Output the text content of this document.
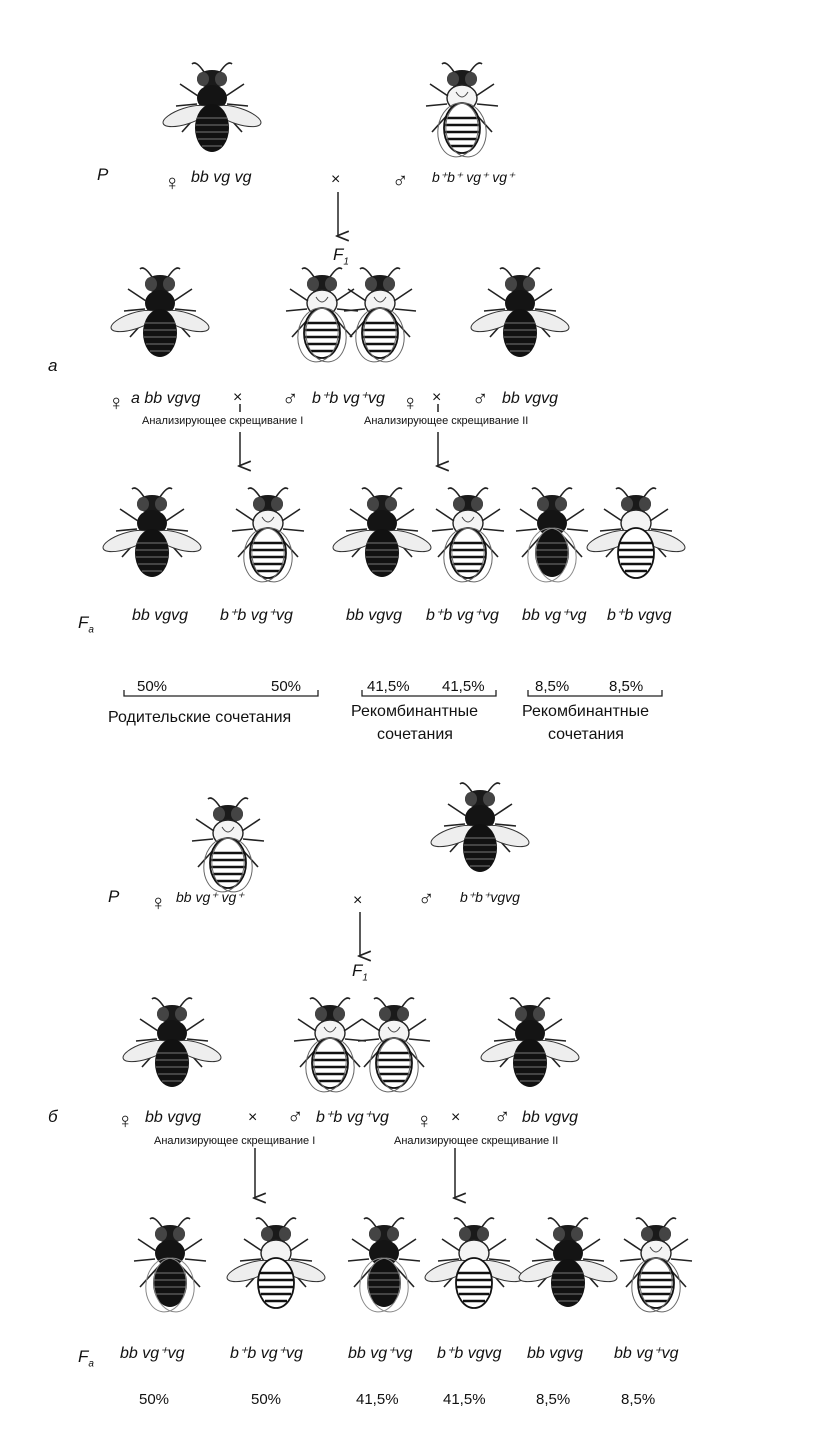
P	♀ bb vg vg	× ♂ b⁺b⁺ vg⁺ vg⁺
$F_1$
а
♀ a bb vgvg × ♂ b⁺b vg⁺vg ♀ × ♂ bb vgvg
Анализирующее скрещивание I	Анализирующее скрещивание II
$F_a$
bb vgvg b⁺b vg⁺vg	bb vgvg b⁺b vg⁺vg bb vg⁺vg b⁺b vgvg
50%	50%	41,5% 41,5%	8,5%	8,5%
Родительские сочетания	Рекомбинантные
сочетания
Рекомбинантные
сочетания
P ♀ bb vg⁺ vg⁺	×	♂ b⁺b⁺vgvg
$F_1$
б	♀ bb vgvg	× ♂ b⁺b vg⁺vg ♀ × ♂ bb vgvg
Анализирующее скрещивание I	Анализирующее скрещивание II
$F_a$
bb vg⁺vg	b⁺b vg⁺vg	bb vg⁺vg b⁺b vgvg bb vgvg bb vg⁺vg
50%	50%	41,5%	41,5%	8,5%	8,5%
